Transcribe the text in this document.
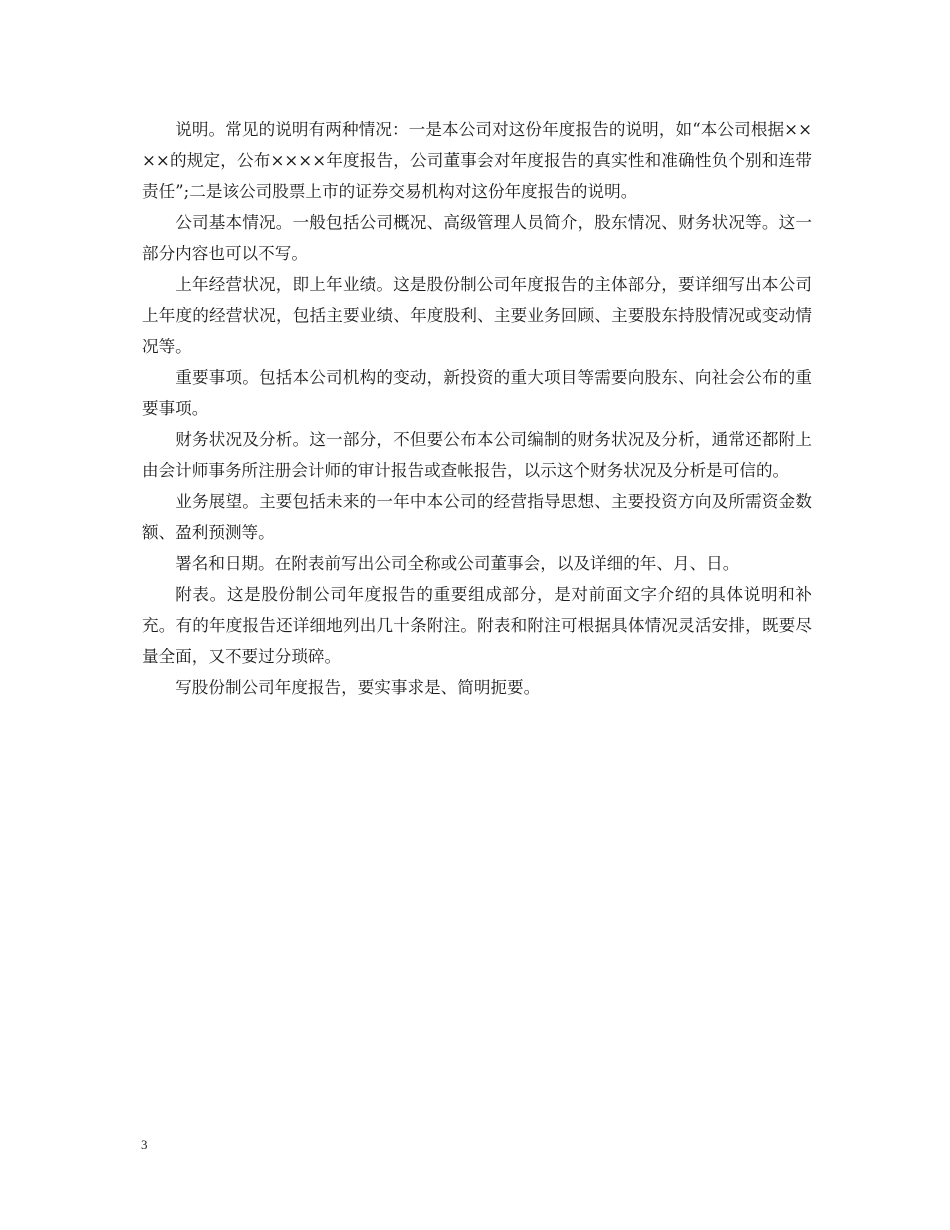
说明。常见的说明有两种情况：一是本公司对这份年度报告的说明，如“本公司根据××××的规定，公布××××年度报告，公司董事会对年度报告的真实性和准确性负个别和连带责任”;二是该公司股票上市的证券交易机构对这份年度报告的说明。

公司基本情况。一般包括公司概况、高级管理人员简介，股东情况、财务状况等。这一部分内容也可以不写。

上年经营状况，即上年业绩。这是股份制公司年度报告的主体部分，要详细写出本公司上年度的经营状况，包括主要业绩、年度股利、主要业务回顾、主要股东持股情况或变动情况等。

重要事项。包括本公司机构的变动，新投资的重大项目等需要向股东、向社会公布的重要事项。

财务状况及分析。这一部分，不但要公布本公司编制的财务状况及分析，通常还都附上由会计师事务所注册会计师的审计报告或查帐报告，以示这个财务状况及分析是可信的。

业务展望。主要包括未来的一年中本公司的经营指导思想、主要投资方向及所需资金数额、盈利预测等。

署名和日期。在附表前写出公司全称或公司董事会，以及详细的年、月、日。

附表。这是股份制公司年度报告的重要组成部分，是对前面文字介绍的具体说明和补充。有的年度报告还详细地列出几十条附注。附表和附注可根据具体情况灵活安排，既要尽量全面，又不要过分琐碎。

写股份制公司年度报告，要实事求是、简明扼要。

3
